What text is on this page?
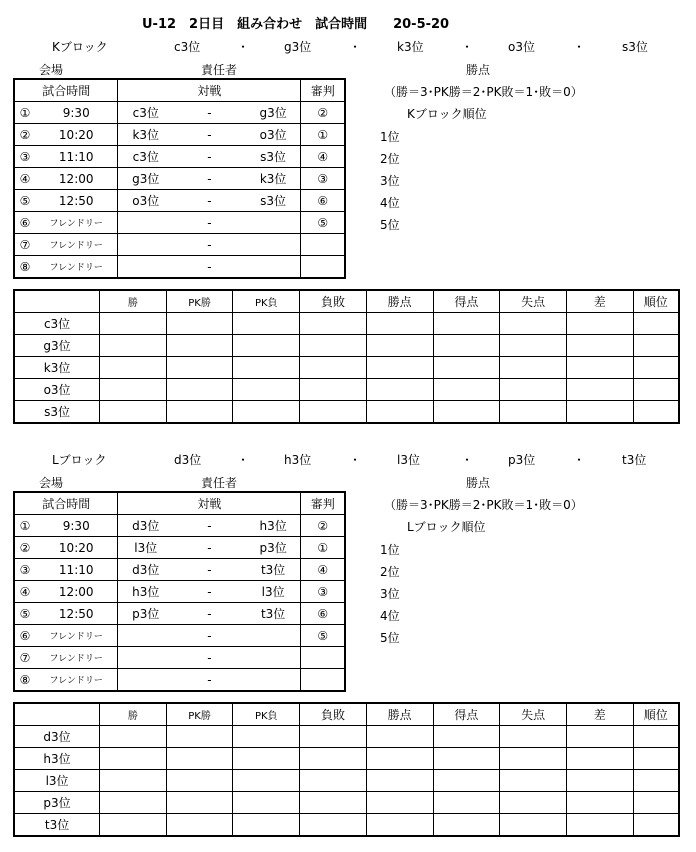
U-12　2日目　組み合わせ　試合時間　　20-5-20
Kブロック	c3位	g3位	k3位	o3位	s3位
・	・	・	・
会場	責任者	勝点
（勝＝3･PK勝＝2･PK敗＝1･敗＝0）
Kブロック順位
1位
2位
3位
4位
5位
試合時間		対戦			審判
①	9:30	c3位	-	g3位	②
②	10:20	k3位	-	o3位	①
③	11:10	c3位	-	s3位	④
④	12:00	g3位	-	k3位	③
⑤	12:50	o3位	-	s3位	⑥
⑥	フレンドリー		-		⑤
⑦	フレンドリー		-		
⑧	フレンドリー		-		
	勝	PK勝	PK負	負敗	勝点	得点	失点	差	順位
c3位									
g3位									
k3位									
o3位									
s3位									
Lブロック	d3位	h3位	l3位	p3位	t3位
・	・	・	・
会場	責任者	勝点
（勝＝3･PK勝＝2･PK敗＝1･敗＝0）
Lブロック順位
1位
2位
3位
4位
5位
試合時間		対戦			審判
①	9:30	d3位	-	h3位	②
②	10:20	l3位	-	p3位	①
③	11:10	d3位	-	t3位	④
④	12:00	h3位	-	l3位	③
⑤	12:50	p3位	-	t3位	⑥
⑥	フレンドリー		-		⑤
⑦	フレンドリー		-		
⑧	フレンドリー		-		
	勝	PK勝	PK負	負敗	勝点	得点	失点	差	順位
d3位									
h3位									
l3位									
p3位									
t3位									
